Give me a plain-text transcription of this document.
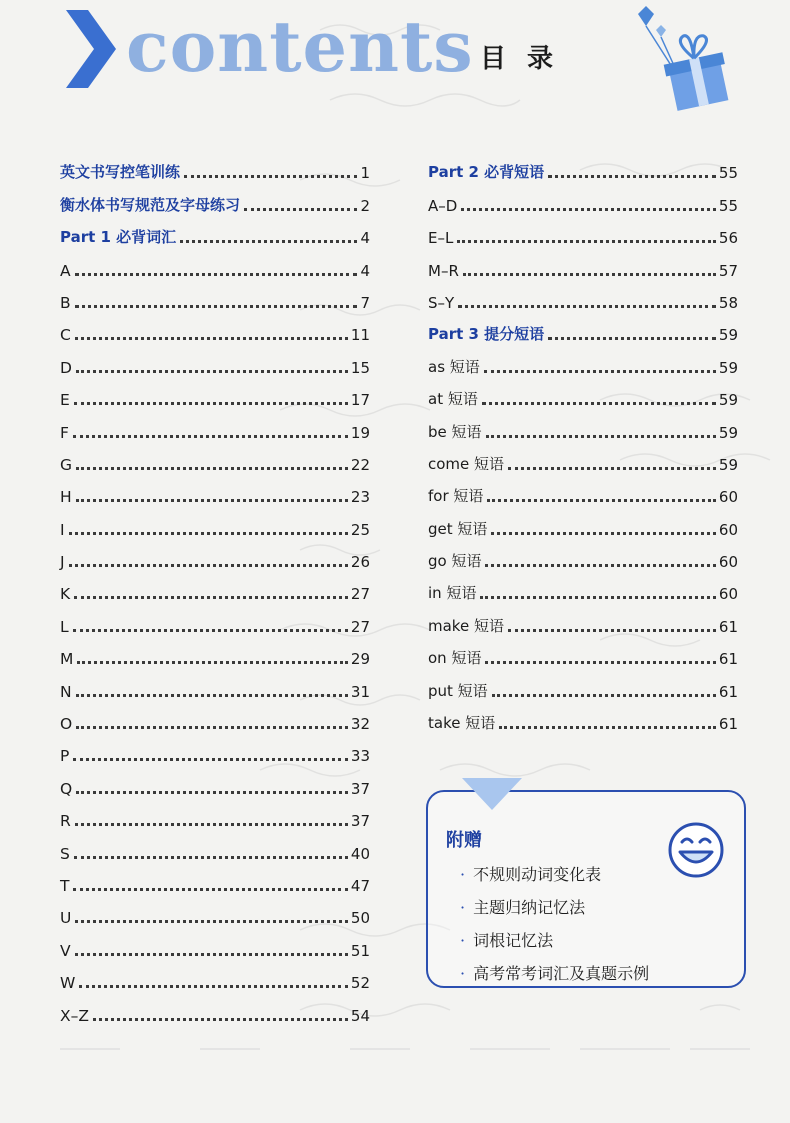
contents 目 录
英文书写控笔训练	1
衡水体书写规范及字母练习	2
Part 1 必背词汇	4
A	4
B	7
C	11
D	15
E	17
F	19
G	22
H	23
I	25
J	26
K	27
L	27
M	29
N	31
O	32
P	33
Q	37
R	37
S	40
T	47
U	50
V	51
W	52
X–Z	54
Part 2 必背短语	55
A–D	55
E–L	56
M–R	57
S–Y	58
Part 3 提分短语	59
as 短语	59
at 短语	59
be 短语	59
come 短语	59
for 短语	60
get 短语	60
go 短语	60
in 短语	60
make 短语	61
on 短语	61
put 短语	61
take 短语	61
附赠
· 不规则动词变化表
· 主题归纳记忆法
· 词根记忆法
· 高考常考词汇及真题示例
